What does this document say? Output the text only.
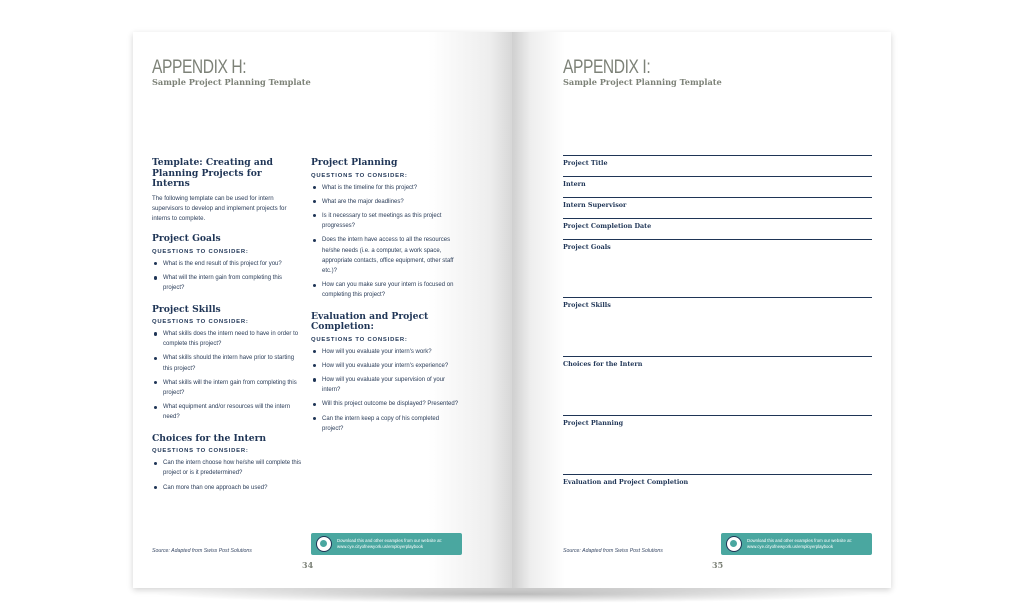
APPENDIX H:
Sample Project Planning Template
Template: Creating and Planning Projects for Interns

The following template can be used for intern supervisors to develop and implement projects for interns to complete.

Project Goals
QUESTIONS TO CONSIDER:
What is the end result of this project for you?
What will the intern gain from completing this project?
Project Skills
QUESTIONS TO CONSIDER:
What skills does the intern need to have in order to complete this project?
What skills should the intern have prior to starting this project?
What skills will the intern gain from completing this project?
What equipment and/or resources will the intern need?
Choices for the Intern
QUESTIONS TO CONSIDER:
Can the intern choose how he/she will complete this project or is it predetermined?
Can more than one approach be used?
Project Planning
QUESTIONS TO CONSIDER:
What is the timeline for this project?
What are the major deadlines?
Is it necessary to set meetings as this project progresses?
Does the intern have access to all the resources he/she needs (i.e. a computer, a work space, appropriate contacts, office equipment, other staff etc.)?
How can you make sure your intern is focused on completing this project?
Evaluation and Project Completion:
QUESTIONS TO CONSIDER:
How will you evaluate your intern's work?
How will you evaluate your intern's experience?
How will you evaluate your supervision of your intern?
Will this project outcome be displayed? Presented?
Can the intern keep a copy of his completed project?
Download this and other examples from our website at: www.cye.cityofnewyork.us/employerplaybook
Source: Adapted from Swiss Post Solutions
34
APPENDIX I:
Sample Project Planning Template
Project Title
Intern
Intern Supervisor
Project Completion Date
Project Goals
Project Skills
Choices for the Intern
Project Planning
Evaluation and Project Completion
Download this and other examples from our website at: www.cye.cityofnewyork.us/employerplaybook
Source: Adapted from Swiss Post Solutions
35
